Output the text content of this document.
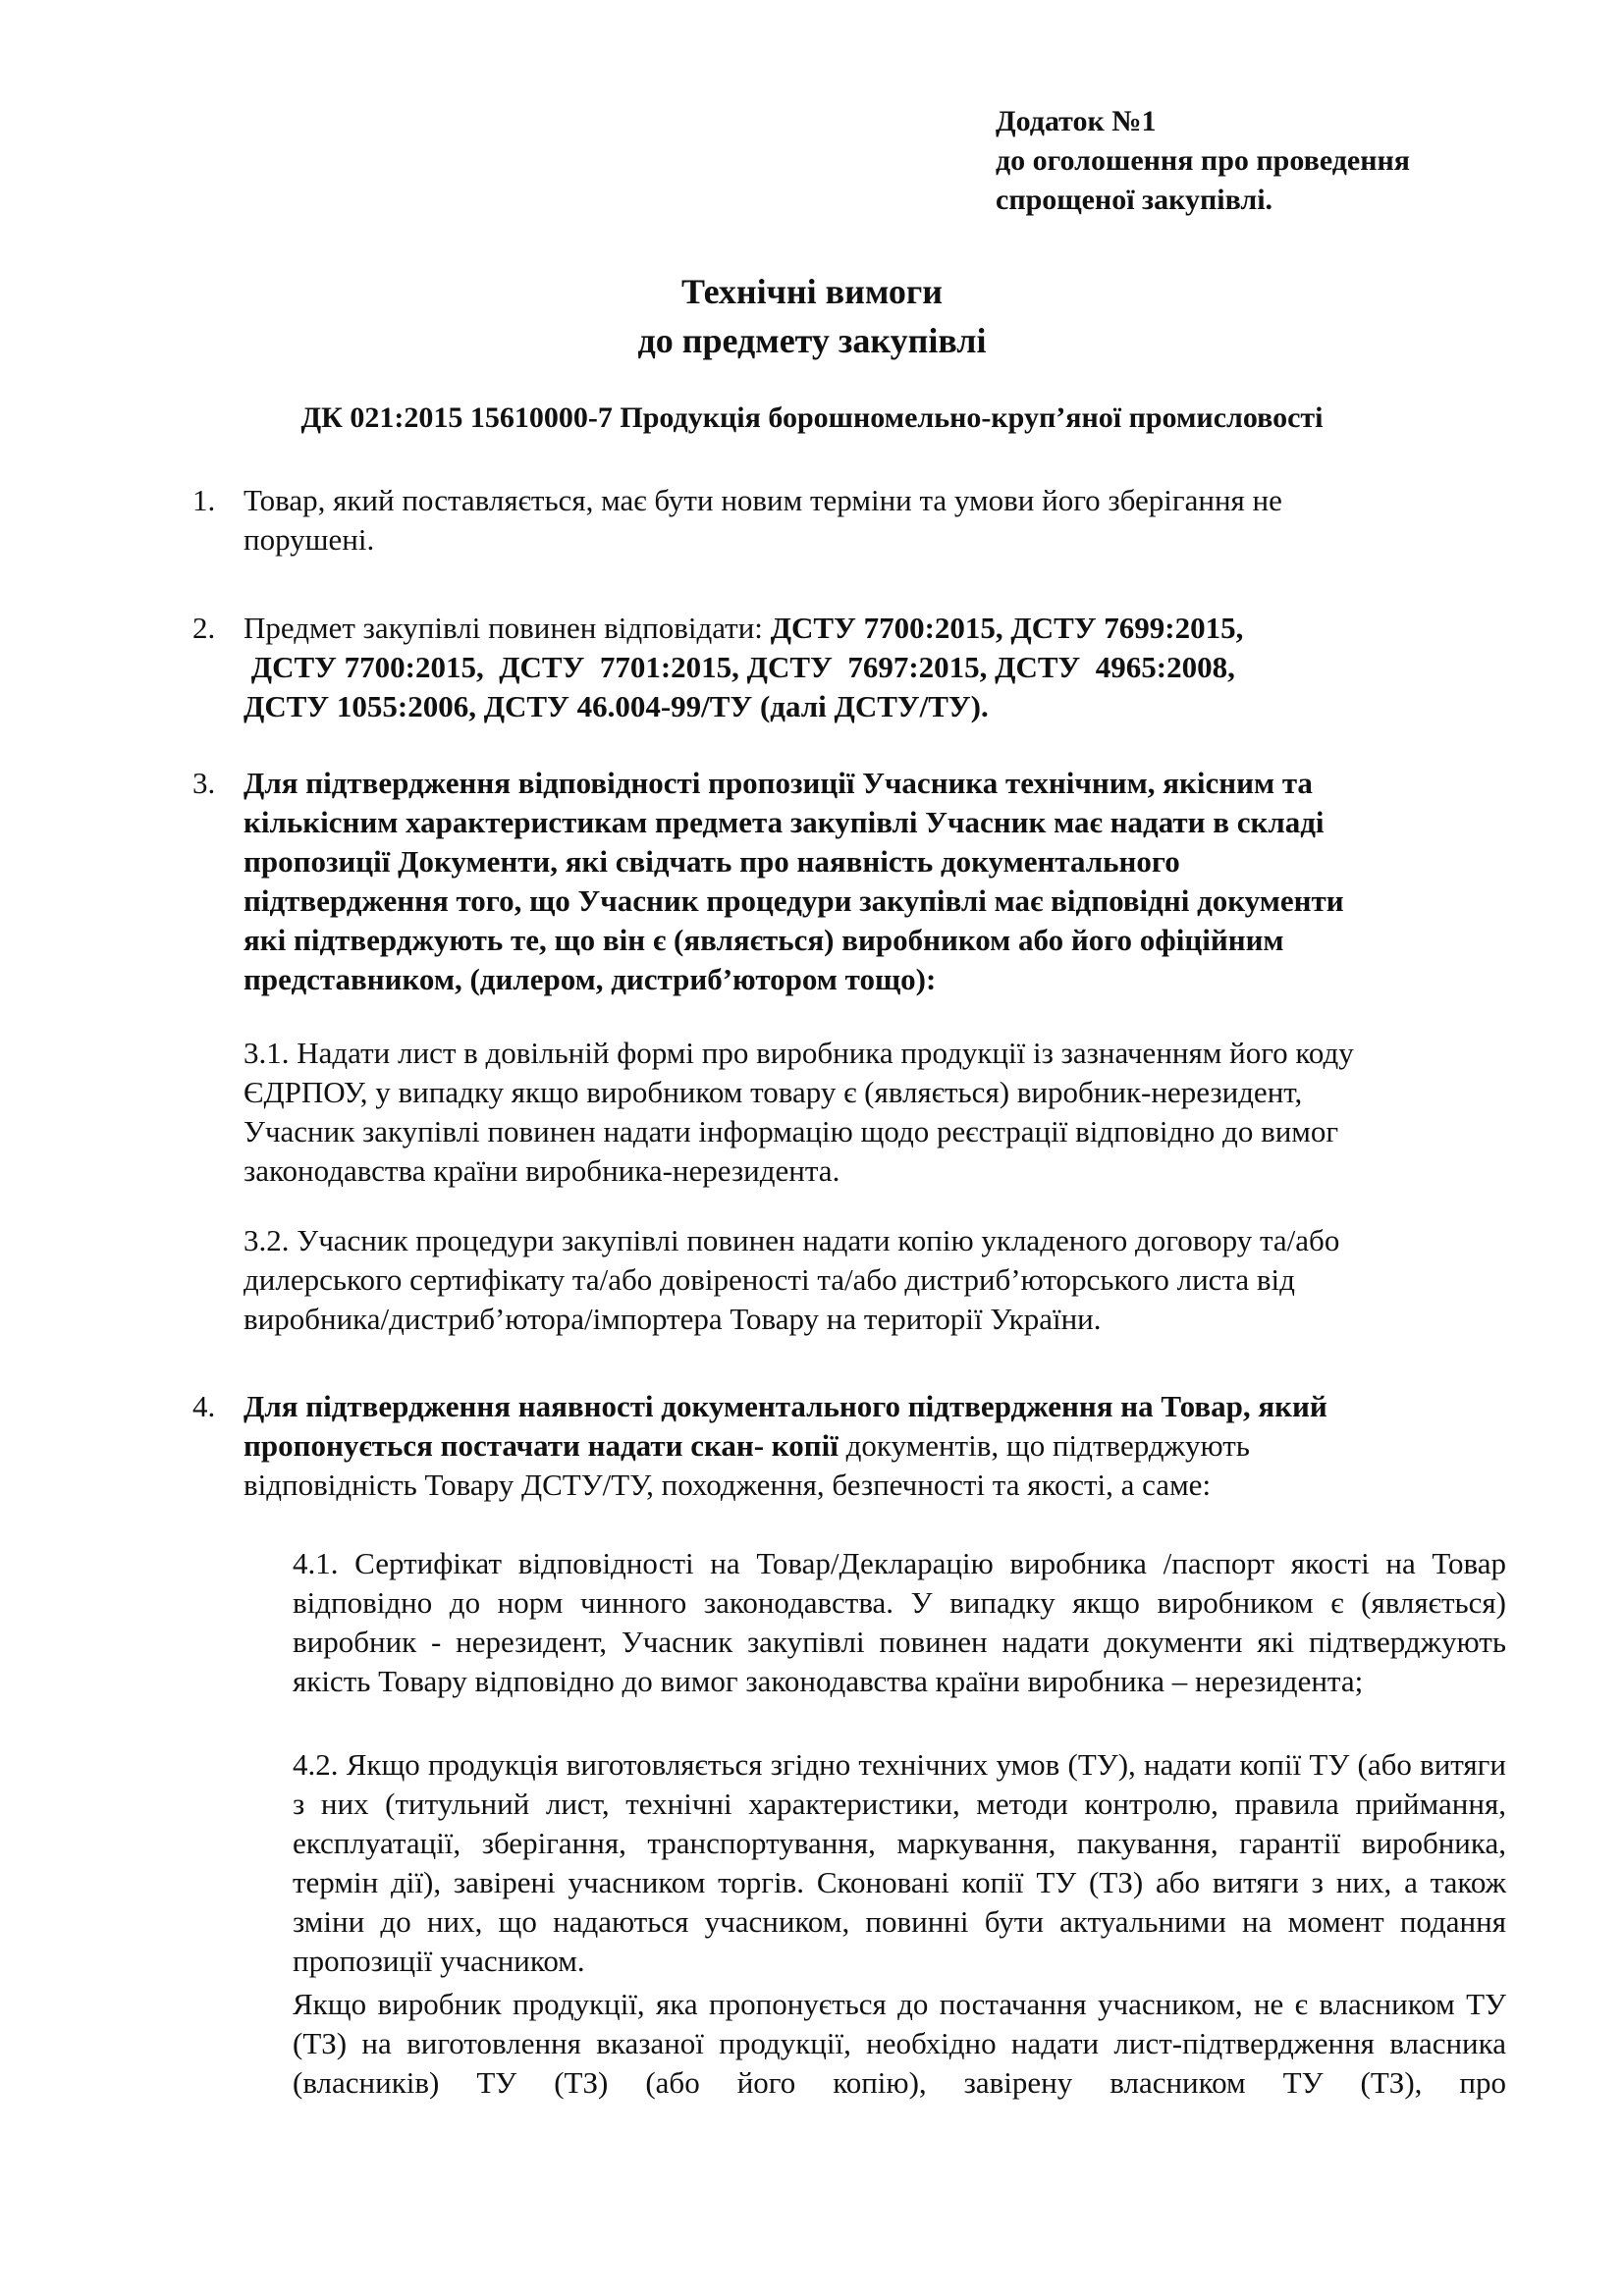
Додаток №1
до оголошення про проведення
спрощеної закупівлі.
Технічні вимоги
до предмету закупівлі
ДК 021:2015 15610000-7 Продукція борошномельно-круп’яної промисловості
1. Товар, який поставляється, має бути новим терміни та умови його зберігання не
порушені.
2. Предмет закупівлі повинен відповідати: ДСТУ 7700:2015, ДСТУ 7699:2015,
ДСТУ 7700:2015,  ДСТУ  7701:2015, ДСТУ  7697:2015, ДСТУ  4965:2008,
ДСТУ 1055:2006, ДСТУ 46.004-99/ТУ (далі ДСТУ/ТУ).
3. Для підтвердження відповідності пропозиції Учасника технічним, якісним та
кількісним характеристикам предмета закупівлі Учасник має надати в складі
пропозиції Документи, які свідчать про наявність документального
підтвердження того, що Учасник процедури закупівлі має відповідні документи
які підтверджують те, що він є (являється) виробником або його офіційним
представником, (дилером, дистриб’ютором тощо):
3.1. Надати лист в довільній формі про виробника продукції із зазначенням його коду
ЄДРПОУ, у випадку якщо виробником товару є (являється) виробник-нерезидент,
Учасник закупівлі повинен надати інформацію щодо реєстрації відповідно до вимог
законодавства країни виробника-нерезидента.
3.2. Учасник процедури закупівлі повинен надати копію укладеного договору та/або
дилерського сертифікату та/або довіреності та/або дистриб’юторського листа від
виробника/дистриб’ютора/імпортера Товару на території України.
4. Для підтвердження наявності документального підтвердження на Товар, який
пропонується постачати надати скан- копії документів, що підтверджують
відповідність Товару ДСТУ/ТУ, походження, безпечності та якості, а саме:
4.1. Сертифікат відповідності на Товар/Декларацію виробника /паспорт якості на Товар відповідно до норм чинного законодавства. У випадку якщо виробником є (являється) виробник - нерезидент, Учасник закупівлі повинен надати документи які підтверджують якість Товару відповідно до вимог законодавства країни виробника – нерезидента;
4.2. Якщо продукція виготовляється згідно технічних умов (ТУ), надати копії ТУ (або витяги з них (титульний лист, технічні характеристики, методи контролю, правила приймання, експлуатації, зберігання, транспортування, маркування, пакування, гарантії виробника, термін дії), завірені учасником торгів. Сконовані копії ТУ (ТЗ) або витяги з них, а також зміни до них, що надаються учасником, повинні бути актуальними на момент подання пропозиції учасником.
Якщо виробник продукції, яка пропонується до постачання учасником, не є власником ТУ (ТЗ) на виготовлення вказаної продукції, необхідно надати лист-підтвердження власника (власників) ТУ (ТЗ) (або його копію), завірену власником ТУ (ТЗ), про
